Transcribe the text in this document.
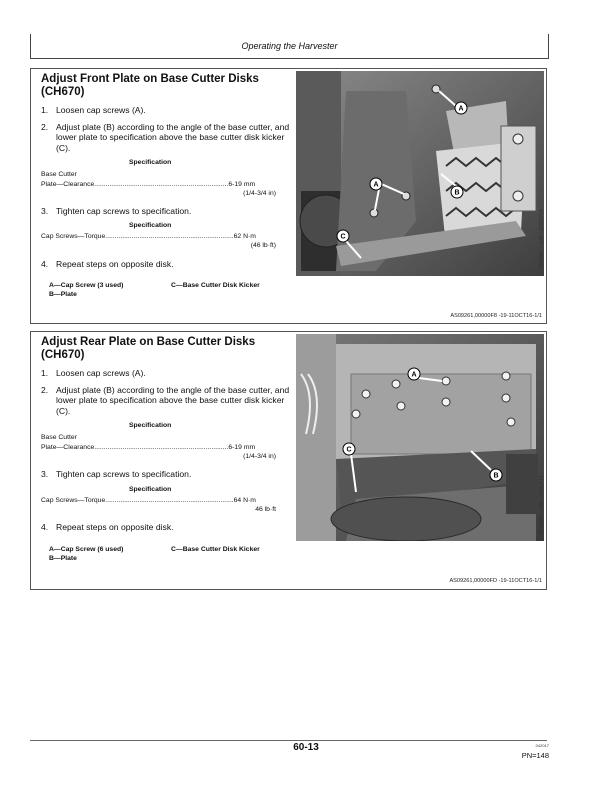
Operating the Harvester
Adjust Front Plate on Base Cutter Disks (CH670)
1. Loosen cap screws (A).
2. Adjust plate (B) according to the angle of the base cutter, and lower plate to specification above the base cutter disk kicker (C).
Specification
Base Cutter
Plate—Clearance.......................................................................6-19 mm
(1/4-3/4 in)
3. Tighten cap screws to specification.
Specification
Cap Screws—Torque....................................................................62 N·m
(46 lb·ft)
4. Repeat steps on opposite disk.
A—Cap Screw (3 used)
B—Plate
C—Base Cutter Disk Kicker
AS09261,00000F8 -19-11OCT16-1/1
A
A
B
C	T874847 —UN—20SEP16
Adjust Rear Plate on Base Cutter Disks (CH670)
1. Loosen cap screws (A).
2. Adjust plate (B) according to the angle of the base cutter, and lower plate to specification above the base cutter disk kicker (C).
Specification
Base Cutter
Plate—Clearance.......................................................................6-19 mm
(1/4-3/4 in)
3. Tighten cap screws to specification.
Specification
Cap Screws—Torque....................................................................64 N·m
46 lb·ft
4. Repeat steps on opposite disk.
A—Cap Screw (6 used)
B—Plate
C—Base Cutter Disk Kicker
AS09261,00000FD -19-11OCT16-1/1
A
B
C
T874848 —UN—20SEP16
60-13	042017
PN=148
